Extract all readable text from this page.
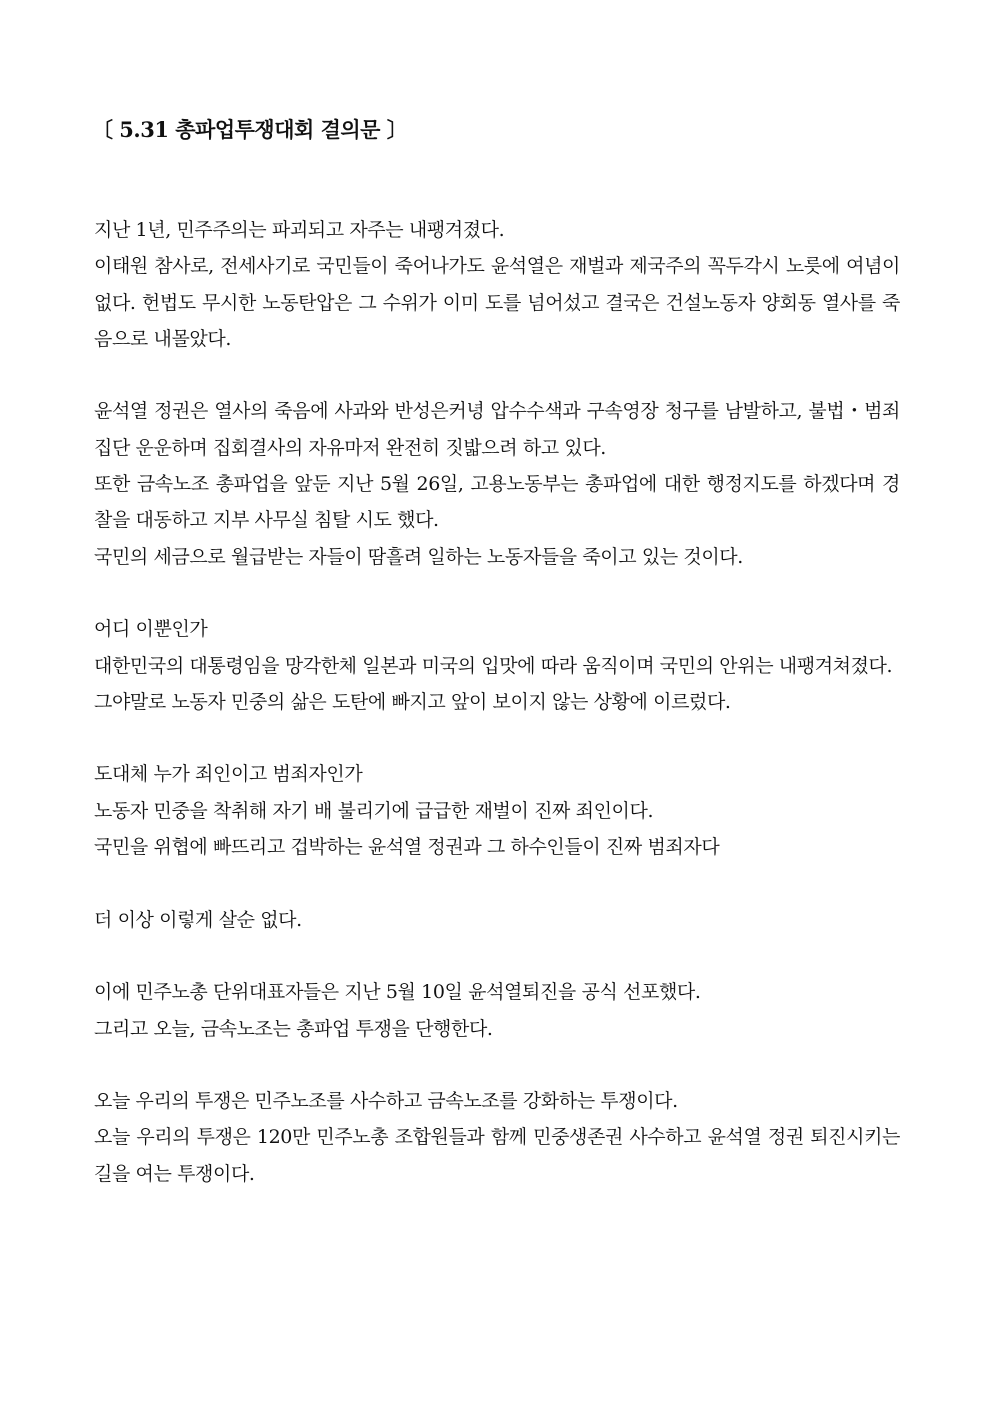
〔 5.31 총파업투쟁대회 결의문 〕

지난 1년, 민주주의는 파괴되고 자주는 내팽겨졌다.
이태원 참사로, 전세사기로 국민들이 죽어나가도 윤석열은 재벌과 제국주의 꼭두각시 노릇에 여념이 없다. 헌법도 무시한 노동탄압은 그 수위가 이미 도를 넘어섰고 결국은 건설노동자 양회동 열사를 죽음으로 내몰았다.

윤석열 정권은 열사의 죽음에 사과와 반성은커녕 압수수색과 구속영장 청구를 남발하고, 불법・범죄집단 운운하며 집회결사의 자유마저 완전히 짓밟으려 하고 있다.
또한 금속노조 총파업을 앞둔 지난 5월 26일, 고용노동부는 총파업에 대한 행정지도를 하겠다며 경찰을 대동하고 지부 사무실 침탈 시도 했다.
국민의 세금으로 월급받는 자들이 땀흘려 일하는 노동자들을 죽이고 있는 것이다.

어디 이뿐인가
대한민국의 대통령임을 망각한체 일본과 미국의 입맛에 따라 움직이며 국민의 안위는 내팽겨쳐졌다.
그야말로 노동자 민중의 삶은 도탄에 빠지고 앞이 보이지 않는 상황에 이르렀다.

도대체 누가 죄인이고 범죄자인가
노동자 민중을 착취해 자기 배 불리기에 급급한 재벌이 진짜 죄인이다.
국민을 위협에 빠뜨리고 겁박하는 윤석열 정권과 그 하수인들이 진짜 범죄자다

더 이상 이렇게 살순 없다.

이에 민주노총 단위대표자들은 지난 5월 10일 윤석열퇴진을 공식 선포했다.
그리고 오늘, 금속노조는 총파업 투쟁을 단행한다.

오늘 우리의 투쟁은 민주노조를 사수하고 금속노조를 강화하는 투쟁이다.
오늘 우리의 투쟁은 120만 민주노총 조합원들과 함께 민중생존권 사수하고 윤석열 정권 퇴진시키는 길을 여는 투쟁이다.
